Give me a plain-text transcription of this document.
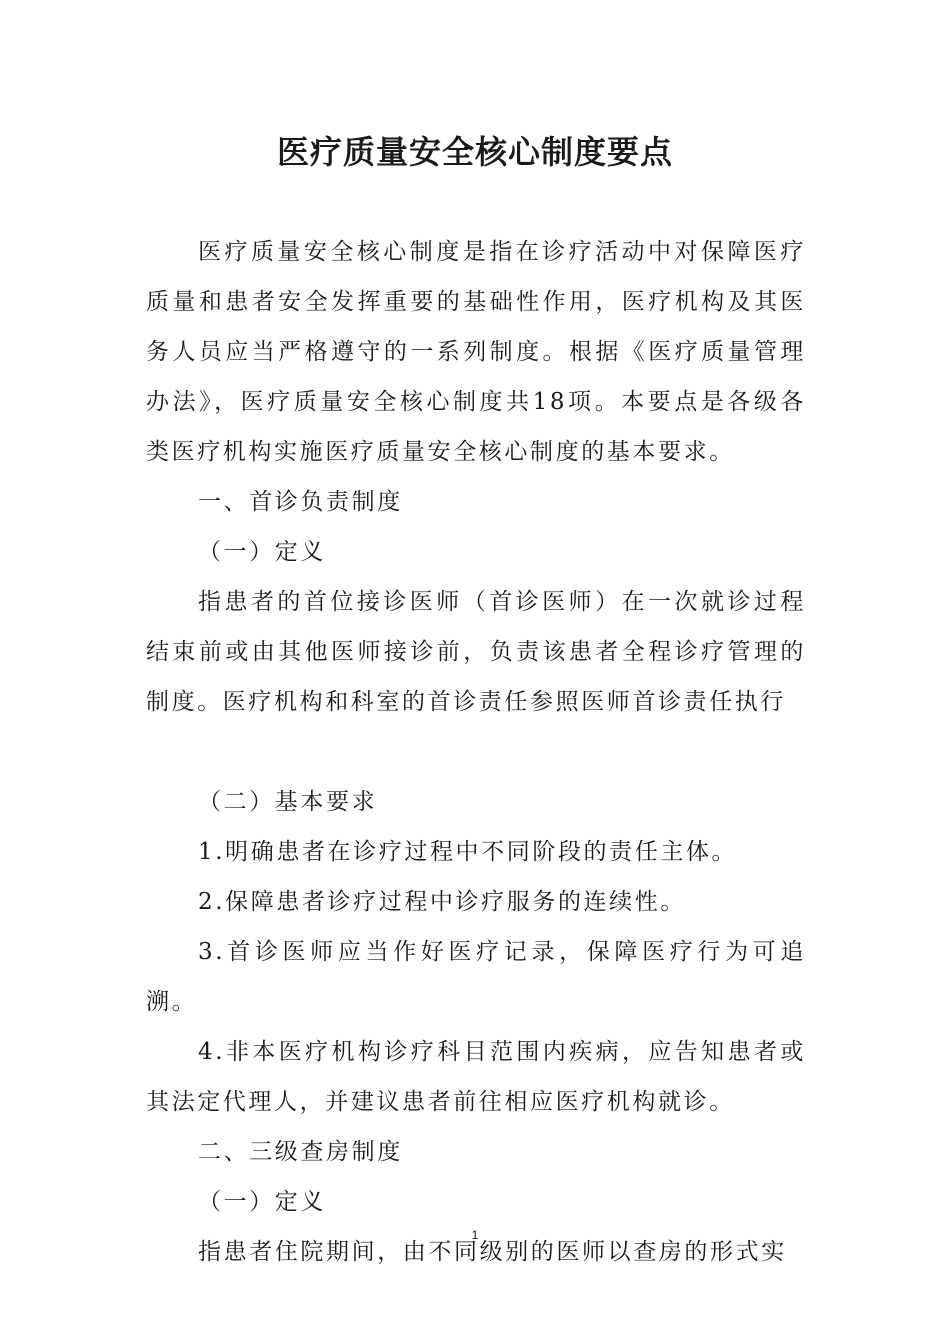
医疗质量安全核心制度要点

医疗质量安全核心制度是指在诊疗活动中对保障医疗质量和患者安全发挥重要的基础性作用，医疗机构及其医务人员应当严格遵守的一系列制度。根据《医疗质量管理办法》，医疗质量安全核心制度共18项。本要点是各级各类医疗机构实施医疗质量安全核心制度的基本要求。

一、首诊负责制度

（一）定义

指患者的首位接诊医师（首诊医师）在一次就诊过程结束前或由其他医师接诊前，负责该患者全程诊疗管理的制度。医疗机构和科室的首诊责任参照医师首诊责任执行

（二）基本要求

1.明确患者在诊疗过程中不同阶段的责任主体。

2.保障患者诊疗过程中诊疗服务的连续性。

3.首诊医师应当作好医疗记录，保障医疗行为可追溯。

4.非本医疗机构诊疗科目范围内疾病，应告知患者或其法定代理人，并建议患者前往相应医疗机构就诊。

二、三级查房制度

（一）定义

指患者住院期间，由不同级别的医师以查房的形式实

1
